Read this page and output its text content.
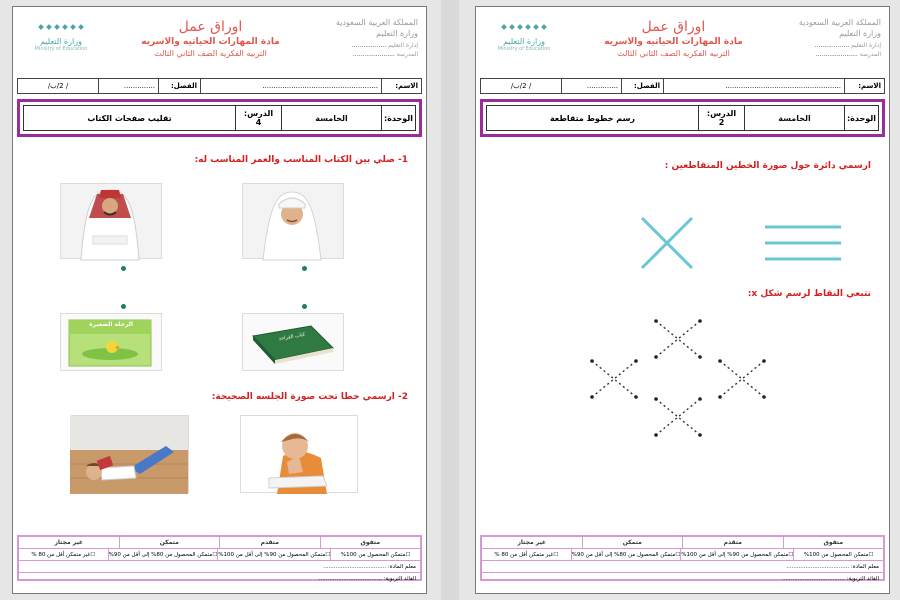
وزارة التعليم
Ministry of Education
اوراق عمل
مادة المهارات الحياتيه والاسريه
التربيه الفكريه الصف الثاني الثالث
المملكة العربية السعودية
وزارة التعليم
إدارة التعليم ..................
المدرسة ......................
الاسم:
....................................................
الفصل:
..............
/ 2/ب/
الوحدة:
الخامسة
الدرس:
4
تقليب صفحات الكتاب
1- صلي بين الكتاب المناسب والعمر المناسب له:
الرحلة الصغيرة
كتاب القراءة
2- ارسمي خطا تحت صورة الجلسه الصحيحة:
متفوق
متقدم
متمكن
غير مجتاز
☐
متمكن المحصول من 100%
☐
متمكن المحصول من 90% إلى أقل من 100%
☐
متمكن المحصول من 80% إلى أقل من 90%
☐
غير متمكن أقل من 80 %
معلم المادة: ....................................
القائد التربوية: ....................................
وزارة التعليم
Ministry of Education
اوراق عمل
مادة المهارات الحياتيه والاسريه
التربيه الفكريه الصف الثاني الثالث
المملكة العربية السعودية
وزارة التعليم
إدارة التعليم ..................
المدرسة ......................
الاسم:
....................................................
الفصل:
..............
/ 2/ب/
الوحدة:
الخامسة
الدرس:
2
رسم خطوط متقاطعة
ارسمي دائرة حول صورة الخطين المتقاطعين :
تتبعي النقاط لرسم شكل x:
متفوق
متقدم
متمكن
غير مجتاز
☐
متمكن المحصول من 100%
☐
متمكن المحصول من 90% إلى أقل من 100%
☐
متمكن المحصول من 80% إلى أقل من 90%
☐
غير متمكن أقل من 80 %
معلم المادة: ....................................
القائد التربوية: ....................................
